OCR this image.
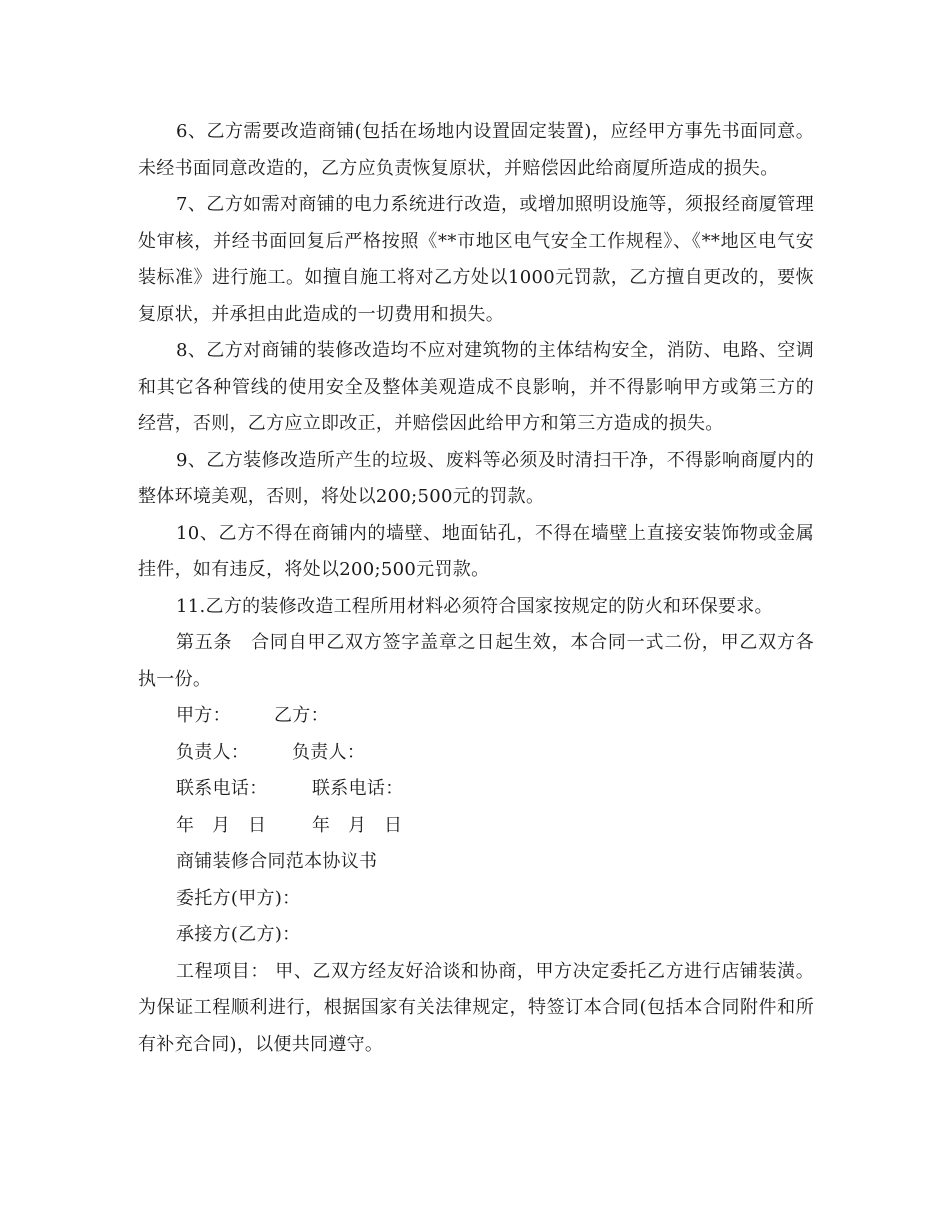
6、乙方需要改造商铺(包括在场地内设置固定装置)，应经甲方事先书面同意。未经书面同意改造的，乙方应负责恢复原状，并赔偿因此给商厦所造成的损失。

7、乙方如需对商铺的电力系统进行改造，或增加照明设施等，须报经商厦管理处审核，并经书面回复后严格按照《**市地区电气安全工作规程》、《**地区电气安装标准》进行施工。如擅自施工将对乙方处以1000元罚款，乙方擅自更改的，要恢复原状，并承担由此造成的一切费用和损失。

8、乙方对商铺的装修改造均不应对建筑物的主体结构安全，消防、电路、空调和其它各种管线的使用安全及整体美观造成不良影响，并不得影响甲方或第三方的经营，否则，乙方应立即改正，并赔偿因此给甲方和第三方造成的损失。

9、乙方装修改造所产生的垃圾、废料等必须及时清扫干净，不得影响商厦内的整体环境美观，否则，将处以200;500元的罚款。

10、乙方不得在商铺内的墙壁、地面钻孔，不得在墙壁上直接安装饰物或金属挂件，如有违反，将处以200;500元罚款。

11.乙方的装修改造工程所用材料必须符合国家按规定的防火和环保要求。

第五条　合同自甲乙双方签字盖章之日起生效，本合同一式二份，甲乙双方各执一份。

甲方：	乙方：
负责人：	负责人：
联系电话：	联系电话：
年 月 日	年 月 日

商铺装修合同范本协议书

委托方(甲方)：

承接方(乙方)：

工程项目： 甲、乙双方经友好洽谈和协商，甲方决定委托乙方进行店铺装潢。为保证工程顺利进行，根据国家有关法律规定，特签订本合同(包括本合同附件和所有补充合同)，以便共同遵守。
